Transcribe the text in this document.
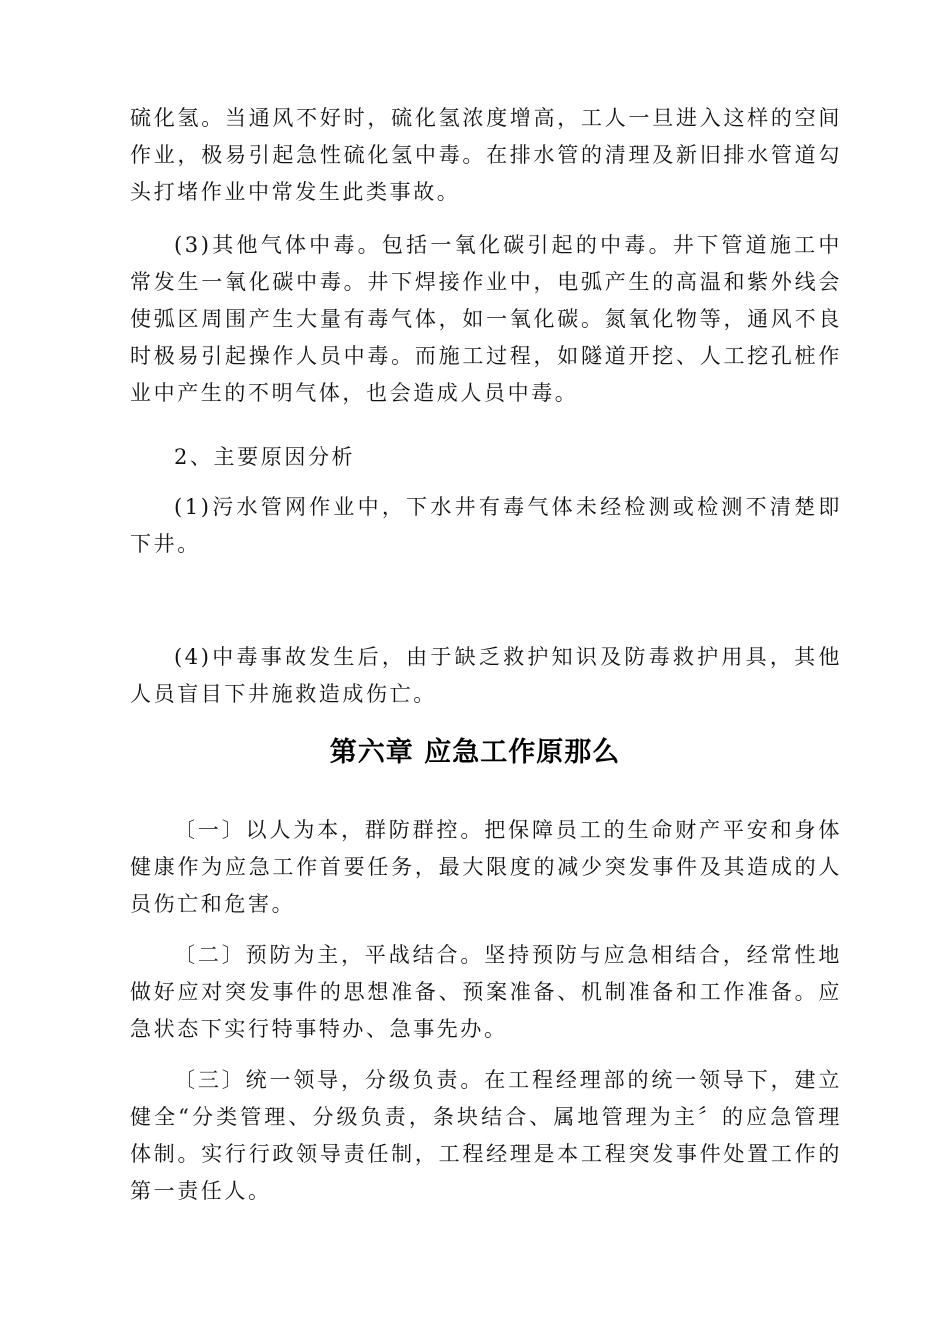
硫化氢。当通风不好时，硫化氢浓度增高，工人一旦进入这样的空间作业，极易引起急性硫化氢中毒。在排水管的清理及新旧排水管道勾头打堵作业中常发生此类事故。

(3)其他气体中毒。包括一氧化碳引起的中毒。井下管道施工中常发生一氧化碳中毒。井下焊接作业中，电弧产生的高温和紫外线会使弧区周围产生大量有毒气体，如一氧化碳。氮氧化物等，通风不良时极易引起操作人员中毒。而施工过程，如隧道开挖、人工挖孔桩作业中产生的不明气体，也会造成人员中毒。

2、主要原因分析

(1)污水管网作业中，下水井有毒气体未经检测或检测不清楚即下井。

(4)中毒事故发生后，由于缺乏救护知识及防毒救护用具，其他人员盲目下井施救造成伤亡。

第六章 应急工作原那么

〔一〕以人为本，群防群控。把保障员工的生命财产平安和身体健康作为应急工作首要任务，最大限度的减少突发事件及其造成的人员伤亡和危害。

〔二〕预防为主，平战结合。坚持预防与应急相结合，经常性地做好应对突发事件的思想准备、预案准备、机制准备和工作准备。应急状态下实行特事特办、急事先办。

〔三〕统一领导，分级负责。在工程经理部的统一领导下，建立健全“分类管理、分级负责，条块结合、属地管理为主〞的应急管理体制。实行行政领导责任制，工程经理是本工程突发事件处置工作的第一责任人。
